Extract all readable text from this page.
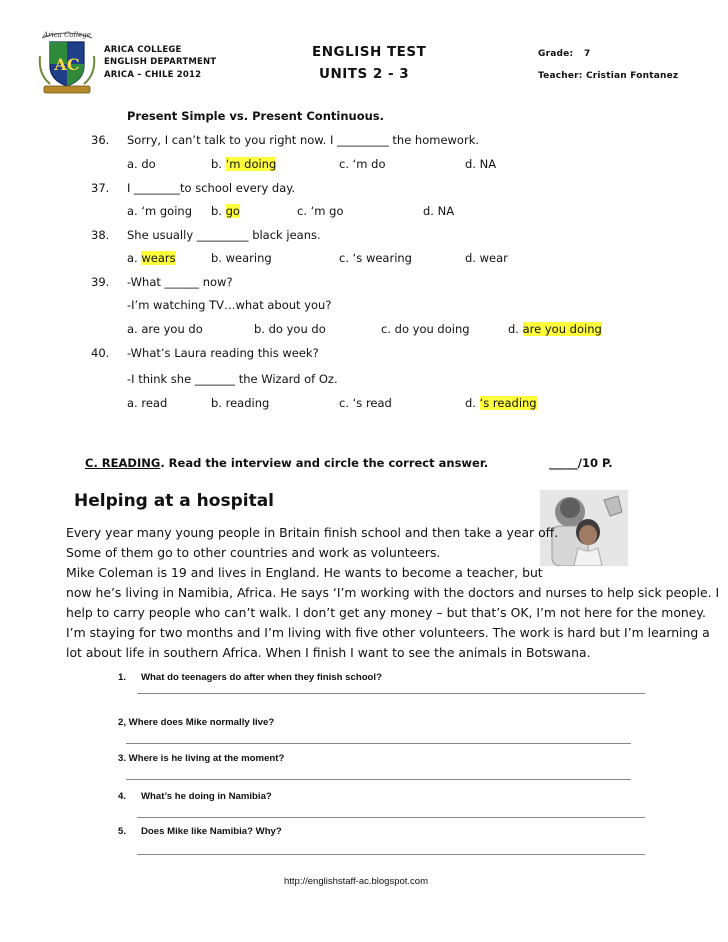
Arica College
AC
ARICA COLLEGE
ENGLISH DEPARTMENT
ARICA – CHILE 2012
ENGLISH TEST
UNITS 2 - 3
Grade: 7
Teacher: Cristian Fontanez
Present Simple vs. Present Continuous.
36. Sorry, I can’t talk to you right now. I _________ the homework.
a. do	b. ‘m doing	c. ‘m do	d. NA
37. I ________to school every day.
a. ‘m going b. go	c. ‘m go	d. NA
38. She usually _________ black jeans.
a. wears	b. wearing	c. ‘s wearing	d. wear
39. -What ______ now?
-I’m watching TV…what about you?
a. are you do	b. do you do	c. do you doing	d. are you doing
40. -What’s Laura reading this week?
-I think she _______ the Wizard of Oz.
a. read	b. reading	c. ‘s read	d. ‘s reading
C. READING. Read the interview and circle the correct answer.	_____/10 P.
Helping at a hospital
Every year many young people in Britain finish school and then take a year off.
Some of them go to other countries and work as volunteers.
Mike Coleman is 19 and lives in England. He wants to become a teacher, but
now he’s living in Namibia, Africa. He says ‘I’m working with the doctors and nurses to help sick people. I
help to carry people who can’t walk. I don’t get any money – but that’s OK, I’m not here for the money.
I’m staying for two months and I’m living with five other volunteers. The work is hard but I’m learning a
lot about life in southern Africa. When I finish I want to see the animals in Botswana.
1. What do teenagers do after when they finish school?
2, Where does Mike normally live?
3. Where is he living at the moment?
4. What’s he doing in Namibia?
5. Does Mike like Namibia? Why?
http://englishstaff-ac.blogspot.com
